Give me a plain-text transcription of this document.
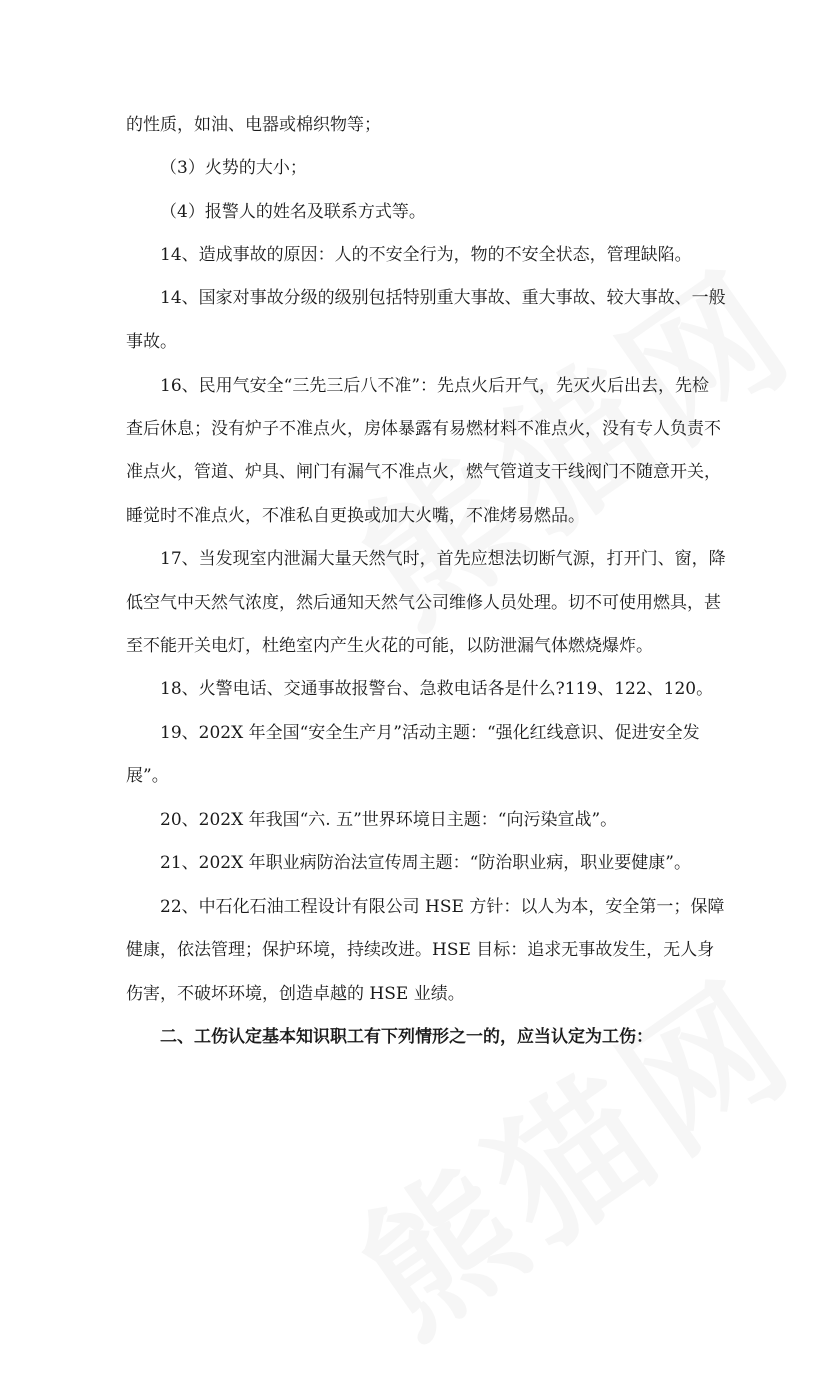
的性质，如油、电器或棉织物等；

（3）火势的大小；

（4）报警人的姓名及联系方式等。

14、造成事故的原因：人的不安全行为，物的不安全状态，管理缺陷。

14、国家对事故分级的级别包括特别重大事故、重大事故、较大事故、一般

事故。

16、民用气安全“三先三后八不准”：先点火后开气，先灭火后出去，先检

查后休息；没有炉子不准点火，房体暴露有易燃材料不准点火，没有专人负责不

准点火，管道、炉具、闸门有漏气不准点火，燃气管道支干线阀门不随意开关，

睡觉时不准点火，不准私自更换或加大火嘴，不准烤易燃品。

17、当发现室内泄漏大量天然气时，首先应想法切断气源，打开门、窗，降

低空气中天然气浓度，然后通知天然气公司维修人员处理。切不可使用燃具，甚

至不能开关电灯，杜绝室内产生火花的可能，以防泄漏气体燃烧爆炸。

18、火警电话、交通事故报警台、急救电话各是什么?119、122、120。

19、202X 年全国“安全生产月”活动主题：“强化红线意识、促进安全发

展”。

20、202X 年我国“六. 五”世界环境日主题：“向污染宣战”。

21、202X 年职业病防治法宣传周主题：“防治职业病，职业要健康”。

22、中石化石油工程设计有限公司 HSE 方针：以人为本，安全第一；保障

健康，依法管理；保护环境，持续改进。HSE 目标：追求无事故发生，无人身

伤害，不破坏环境，创造卓越的 HSE 业绩。

二、工伤认定基本知识职工有下列情形之一的，应当认定为工伤：
